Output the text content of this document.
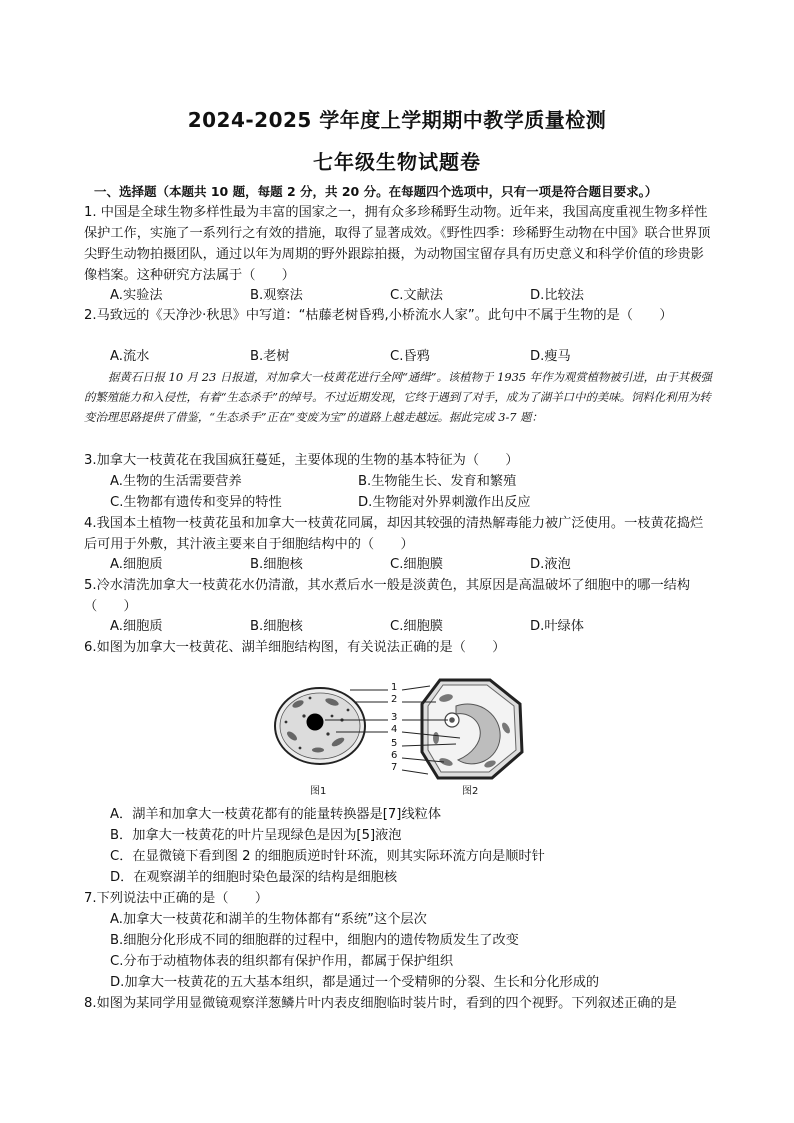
2024-2025 学年度上学期期中教学质量检测
七年级生物试题卷
一、选择题（本题共 10 题，每题 2 分，共 20 分。在每题四个选项中，只有一项是符合题目要求。）
1. 中国是全球生物多样性最为丰富的国家之一，拥有众多珍稀野生动物。近年来，我国高度重视生物多样性保护工作，实施了一系列行之有效的措施，取得了显著成效。《野性四季：珍稀野生动物在中国》联合世界顶尖野生动物拍摄团队，通过以年为周期的野外跟踪拍摄，为动物国宝留存具有历史意义和科学价值的珍贵影像档案。这种研究方法属于（　　）
A.实验法	B.观察法	C.文献法	D.比较法
2.马致远的《天净沙·秋思》中写道：“枯藤老树昏鸦,小桥流水人家”。此句中不属于生物的是（　　）
A.流水	B.老树	C.昏鸦	D.瘦马
据黄石日报 10 月 23 日报道，对加拿大一枝黄花进行全网“通缉”。该植物于 1935 年作为观赏植物被引进，由于其极强的繁殖能力和入侵性，有着“生态杀手”的绰号。不过近期发现，它终于遇到了对手，成为了湖羊口中的美味。饲料化利用为转变治理思路提供了借鉴，“生态杀手”正在“变废为宝”的道路上越走越远。据此完成 3-7 题：
3.加拿大一枝黄花在我国疯狂蔓延，主要体现的生物的基本特征为（　　）
A.生物的生活需要营养	B.生物能生长、发育和繁殖
C.生物都有遗传和变异的特性	D.生物能对外界刺激作出反应
4.我国本土植物一枝黄花虽和加拿大一枝黄花同属，却因其较强的清热解毒能力被广泛使用。一枝黄花捣烂后可用于外敷，其汁液主要来自于细胞结构中的（　　）
A.细胞质	B.细胞核	C.细胞膜	D.液泡
5.冷水清洗加拿大一枝黄花水仍清澈，其水煮后水一般是淡黄色，其原因是高温破坏了细胞中的哪一结构（　　）
A.细胞质	B.细胞核	C.细胞膜	D.叶绿体
6.如图为加拿大一枝黄花、湖羊细胞结构图，有关说法正确的是（　　）
1
2
3
4
5
6
7
图1	图2
A．湖羊和加拿大一枝黄花都有的能量转换器是[7]线粒体
B．加拿大一枝黄花的叶片呈现绿色是因为[5]液泡
C．在显微镜下看到图 2 的细胞质逆时针环流，则其实际环流方向是顺时针
D．在观察湖羊的细胞时染色最深的结构是细胞核
7.下列说法中正确的是（　　）
A.加拿大一枝黄花和湖羊的生物体都有“系统”这个层次
B.细胞分化形成不同的细胞群的过程中，细胞内的遗传物质发生了改变
C.分布于动植物体表的组织都有保护作用，都属于保护组织
D.加拿大一枝黄花的五大基本组织，都是通过一个受精卵的分裂、生长和分化形成的
8.如图为某同学用显微镜观察洋葱鳞片叶内表皮细胞临时装片时，看到的四个视野。下列叙述正确的是
